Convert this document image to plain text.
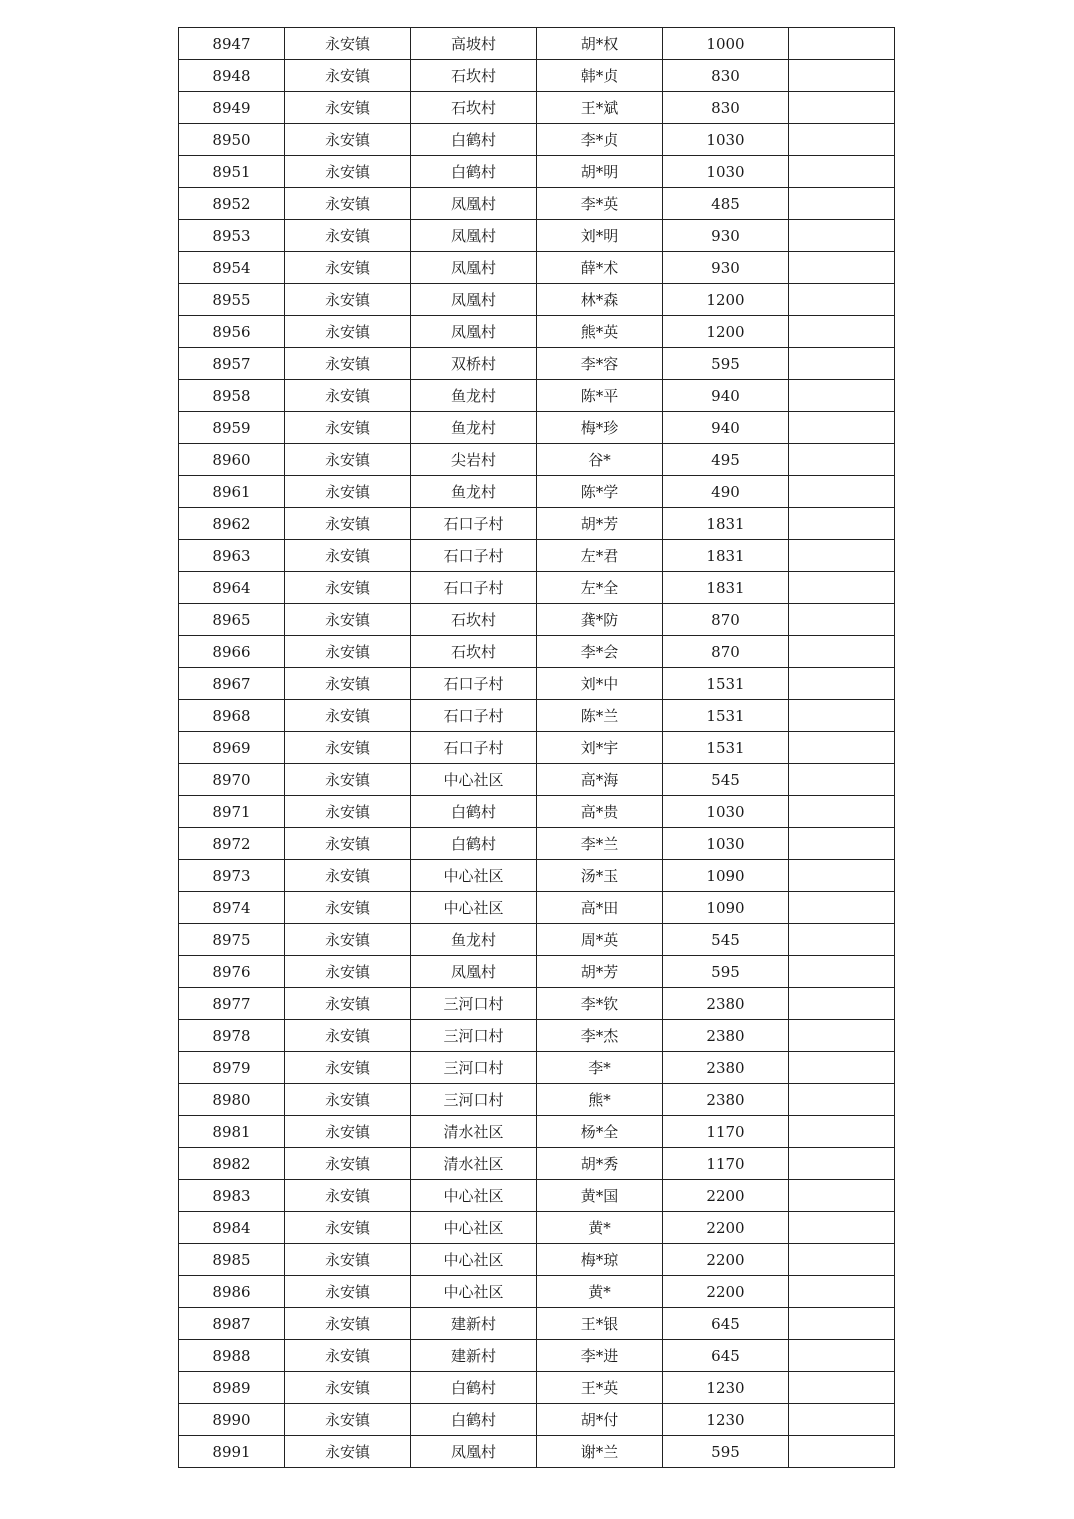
8947	永安镇	高坡村	胡*权	1000	
8948	永安镇	石坎村	韩*贞	830	
8949	永安镇	石坎村	王*斌	830	
8950	永安镇	白鹤村	李*贞	1030	
8951	永安镇	白鹤村	胡*明	1030	
8952	永安镇	凤凰村	李*英	485	
8953	永安镇	凤凰村	刘*明	930	
8954	永安镇	凤凰村	薛*术	930	
8955	永安镇	凤凰村	林*森	1200	
8956	永安镇	凤凰村	熊*英	1200	
8957	永安镇	双桥村	李*容	595	
8958	永安镇	鱼龙村	陈*平	940	
8959	永安镇	鱼龙村	梅*珍	940	
8960	永安镇	尖岩村	谷*	495	
8961	永安镇	鱼龙村	陈*学	490	
8962	永安镇	石口子村	胡*芳	1831	
8963	永安镇	石口子村	左*君	1831	
8964	永安镇	石口子村	左*全	1831	
8965	永安镇	石坎村	龚*防	870	
8966	永安镇	石坎村	李*会	870	
8967	永安镇	石口子村	刘*中	1531	
8968	永安镇	石口子村	陈*兰	1531	
8969	永安镇	石口子村	刘*宇	1531	
8970	永安镇	中心社区	高*海	545	
8971	永安镇	白鹤村	高*贵	1030	
8972	永安镇	白鹤村	李*兰	1030	
8973	永安镇	中心社区	汤*玉	1090	
8974	永安镇	中心社区	高*田	1090	
8975	永安镇	鱼龙村	周*英	545	
8976	永安镇	凤凰村	胡*芳	595	
8977	永安镇	三河口村	李*钦	2380	
8978	永安镇	三河口村	李*杰	2380	
8979	永安镇	三河口村	李*	2380	
8980	永安镇	三河口村	熊*	2380	
8981	永安镇	清水社区	杨*全	1170	
8982	永安镇	清水社区	胡*秀	1170	
8983	永安镇	中心社区	黄*国	2200	
8984	永安镇	中心社区	黄*	2200	
8985	永安镇	中心社区	梅*琼	2200	
8986	永安镇	中心社区	黄*	2200	
8987	永安镇	建新村	王*银	645	
8988	永安镇	建新村	李*进	645	
8989	永安镇	白鹤村	王*英	1230	
8990	永安镇	白鹤村	胡*付	1230	
8991	永安镇	凤凰村	谢*兰	595	
